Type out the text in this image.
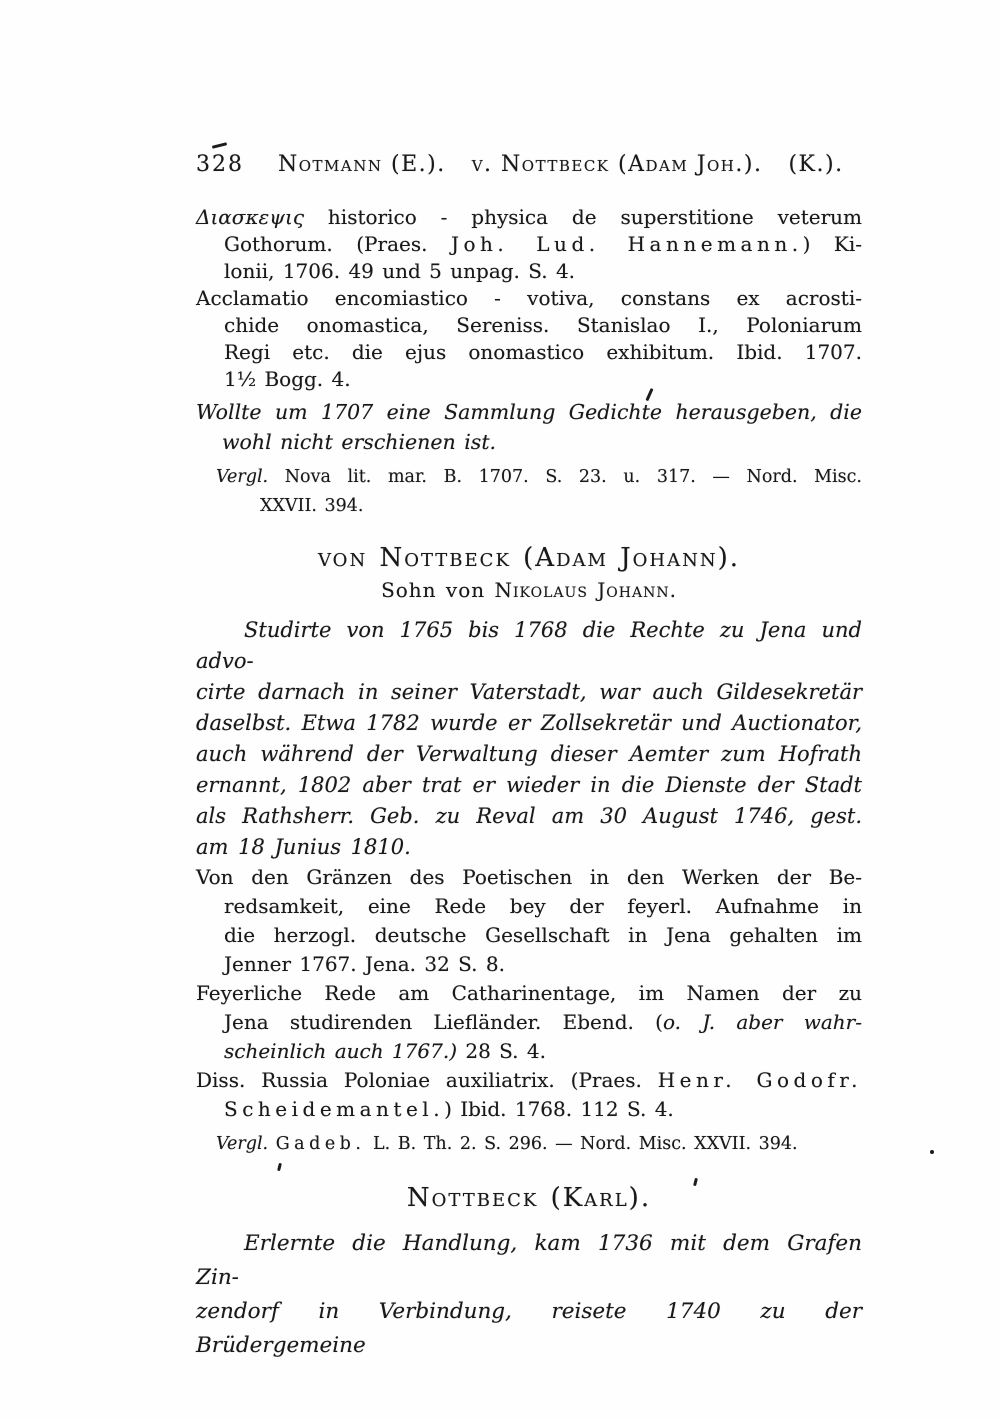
328 Notmann (E.). v. Nottbeck (Adam Joh.). (K.).
Διασκεψις historico - physica de superstitione veterum
Gothorum. (Praes. Joh. Lud. Hannemann.) Ki-
lonii, 1706. 49 und 5 unpag. S. 4.
Acclamatio encomiastico - votiva, constans ex acrosti-
chide onomastica, Sereniss. Stanislao I., Poloniarum
Regi etc. die ejus onomastico exhibitum. Ibid. 1707.
1½ Bogg. 4.
Wollte um 1707 eine Sammlung Gedichte herausgeben, die
wohl nicht erschienen ist.
Vergl. Nova lit. mar. B. 1707. S. 23. u. 317. — Nord. Misc.
XXVII. 394.
von Nottbeck (Adam Johann).
Sohn von Nikolaus Johann.
Studirte von 1765 bis 1768 die Rechte zu Jena und advo-
cirte darnach in seiner Vaterstadt, war auch Gildesekretär
daselbst. Etwa 1782 wurde er Zollsekretär und Auctionator,
auch während der Verwaltung dieser Aemter zum Hofrath
ernannt, 1802 aber trat er wieder in die Dienste der Stadt
als Rathsherr. Geb. zu Reval am 30 August 1746, gest.
am 18 Junius 1810.
Von den Gränzen des Poetischen in den Werken der Be-
redsamkeit, eine Rede bey der feyerl. Aufnahme in
die herzogl. deutsche Gesellschaft in Jena gehalten im
Jenner 1767. Jena. 32 S. 8.
Feyerliche Rede am Catharinentage, im Namen der zu
Jena studirenden Liefländer. Ebend. (o. J. aber wahr-
scheinlich auch 1767.) 28 S. 4.
Diss. Russia Poloniae auxiliatrix. (Praes. Henr. Godofr.
Scheidemantel.) Ibid. 1768. 112 S. 4.
Vergl. Gadeb. L. B. Th. 2. S. 296. — Nord. Misc. XXVII. 394.
Nottbeck (Karl).
Erlernte die Handlung, kam 1736 mit dem Grafen Zin-
zendorf in Verbindung, reisete 1740 zu der Brüdergemeine
